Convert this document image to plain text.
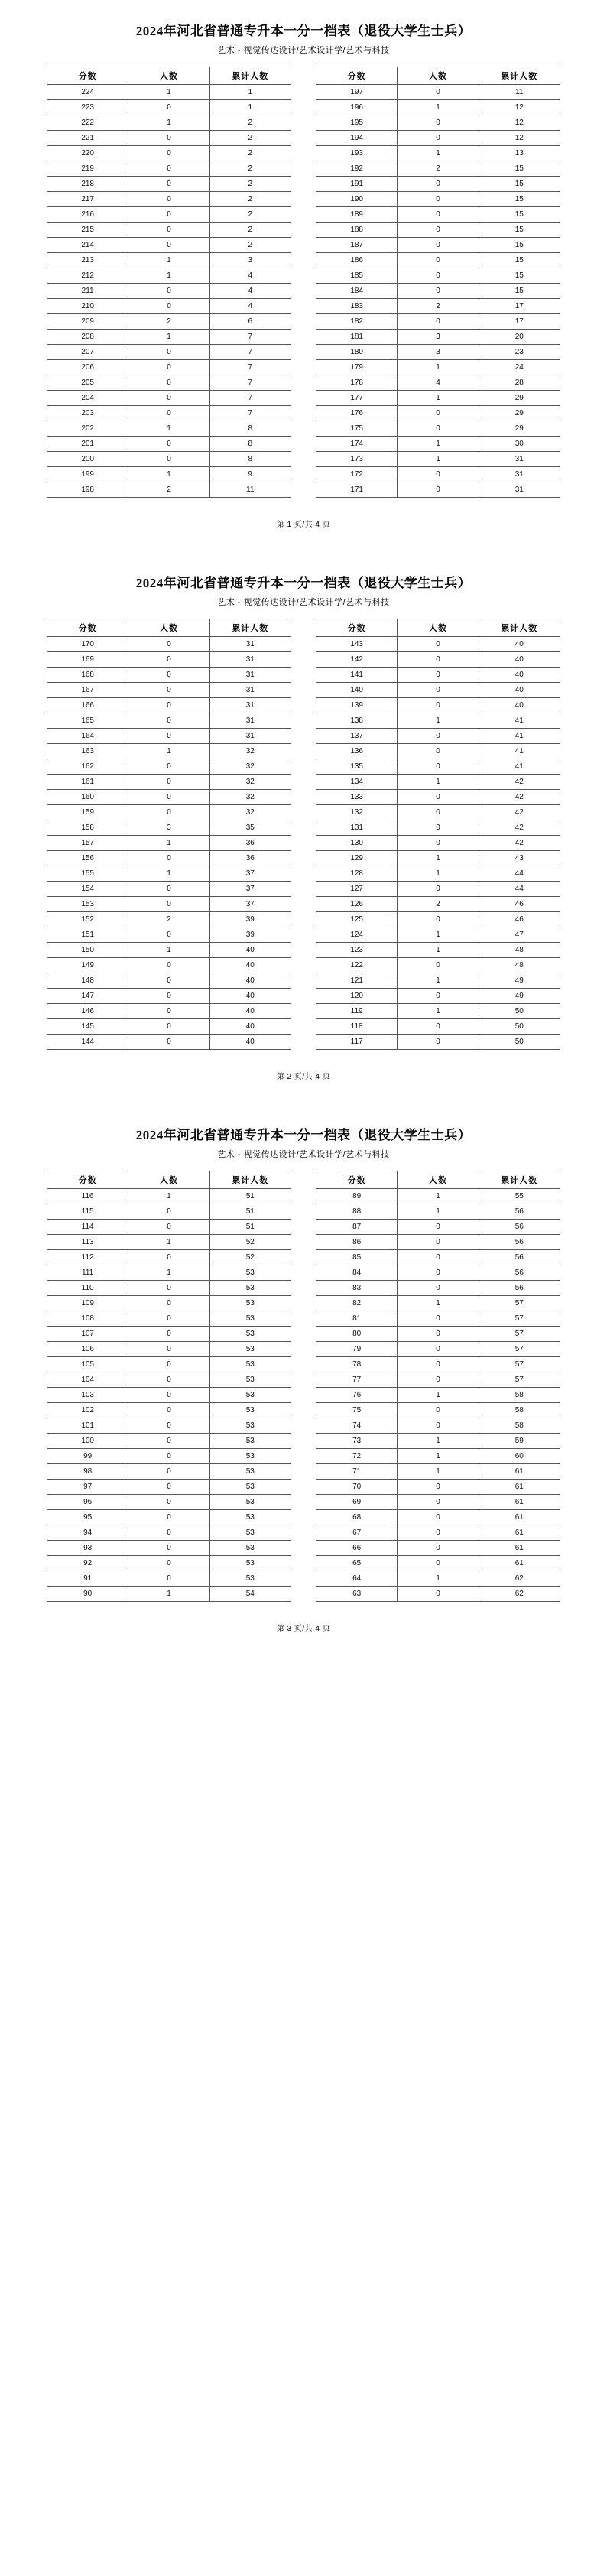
2024年河北省普通专升本一分一档表（退役大学生士兵）
艺术 - 视觉传达设计/艺术设计学/艺术与科技
分数	人数	累计人数
224	1	1
223	0	1
222	1	2
221	0	2
220	0	2
219	0	2
218	0	2
217	0	2
216	0	2
215	0	2
214	0	2
213	1	3
212	1	4
211	0	4
210	0	4
209	2	6
208	1	7
207	0	7
206	0	7
205	0	7
204	0	7
203	0	7
202	1	8
201	0	8
200	0	8
199	1	9
198	2	11
分数	人数	累计人数
197	0	11
196	1	12
195	0	12
194	0	12
193	1	13
192	2	15
191	0	15
190	0	15
189	0	15
188	0	15
187	0	15
186	0	15
185	0	15
184	0	15
183	2	17
182	0	17
181	3	20
180	3	23
179	1	24
178	4	28
177	1	29
176	0	29
175	0	29
174	1	30
173	1	31
172	0	31
171	0	31
第 1 页/共 4 页
2024年河北省普通专升本一分一档表（退役大学生士兵）
艺术 - 视觉传达设计/艺术设计学/艺术与科技
分数	人数	累计人数
170	0	31
169	0	31
168	0	31
167	0	31
166	0	31
165	0	31
164	0	31
163	1	32
162	0	32
161	0	32
160	0	32
159	0	32
158	3	35
157	1	36
156	0	36
155	1	37
154	0	37
153	0	37
152	2	39
151	0	39
150	1	40
149	0	40
148	0	40
147	0	40
146	0	40
145	0	40
144	0	40
分数	人数	累计人数
143	0	40
142	0	40
141	0	40
140	0	40
139	0	40
138	1	41
137	0	41
136	0	41
135	0	41
134	1	42
133	0	42
132	0	42
131	0	42
130	0	42
129	1	43
128	1	44
127	0	44
126	2	46
125	0	46
124	1	47
123	1	48
122	0	48
121	1	49
120	0	49
119	1	50
118	0	50
117	0	50
第 2 页/共 4 页
2024年河北省普通专升本一分一档表（退役大学生士兵）
艺术 - 视觉传达设计/艺术设计学/艺术与科技
分数	人数	累计人数
116	1	51
115	0	51
114	0	51
113	1	52
112	0	52
111	1	53
110	0	53
109	0	53
108	0	53
107	0	53
106	0	53
105	0	53
104	0	53
103	0	53
102	0	53
101	0	53
100	0	53
99	0	53
98	0	53
97	0	53
96	0	53
95	0	53
94	0	53
93	0	53
92	0	53
91	0	53
90	1	54
分数	人数	累计人数
89	1	55
88	1	56
87	0	56
86	0	56
85	0	56
84	0	56
83	0	56
82	1	57
81	0	57
80	0	57
79	0	57
78	0	57
77	0	57
76	1	58
75	0	58
74	0	58
73	1	59
72	1	60
71	1	61
70	0	61
69	0	61
68	0	61
67	0	61
66	0	61
65	0	61
64	1	62
63	0	62
第 3 页/共 4 页
